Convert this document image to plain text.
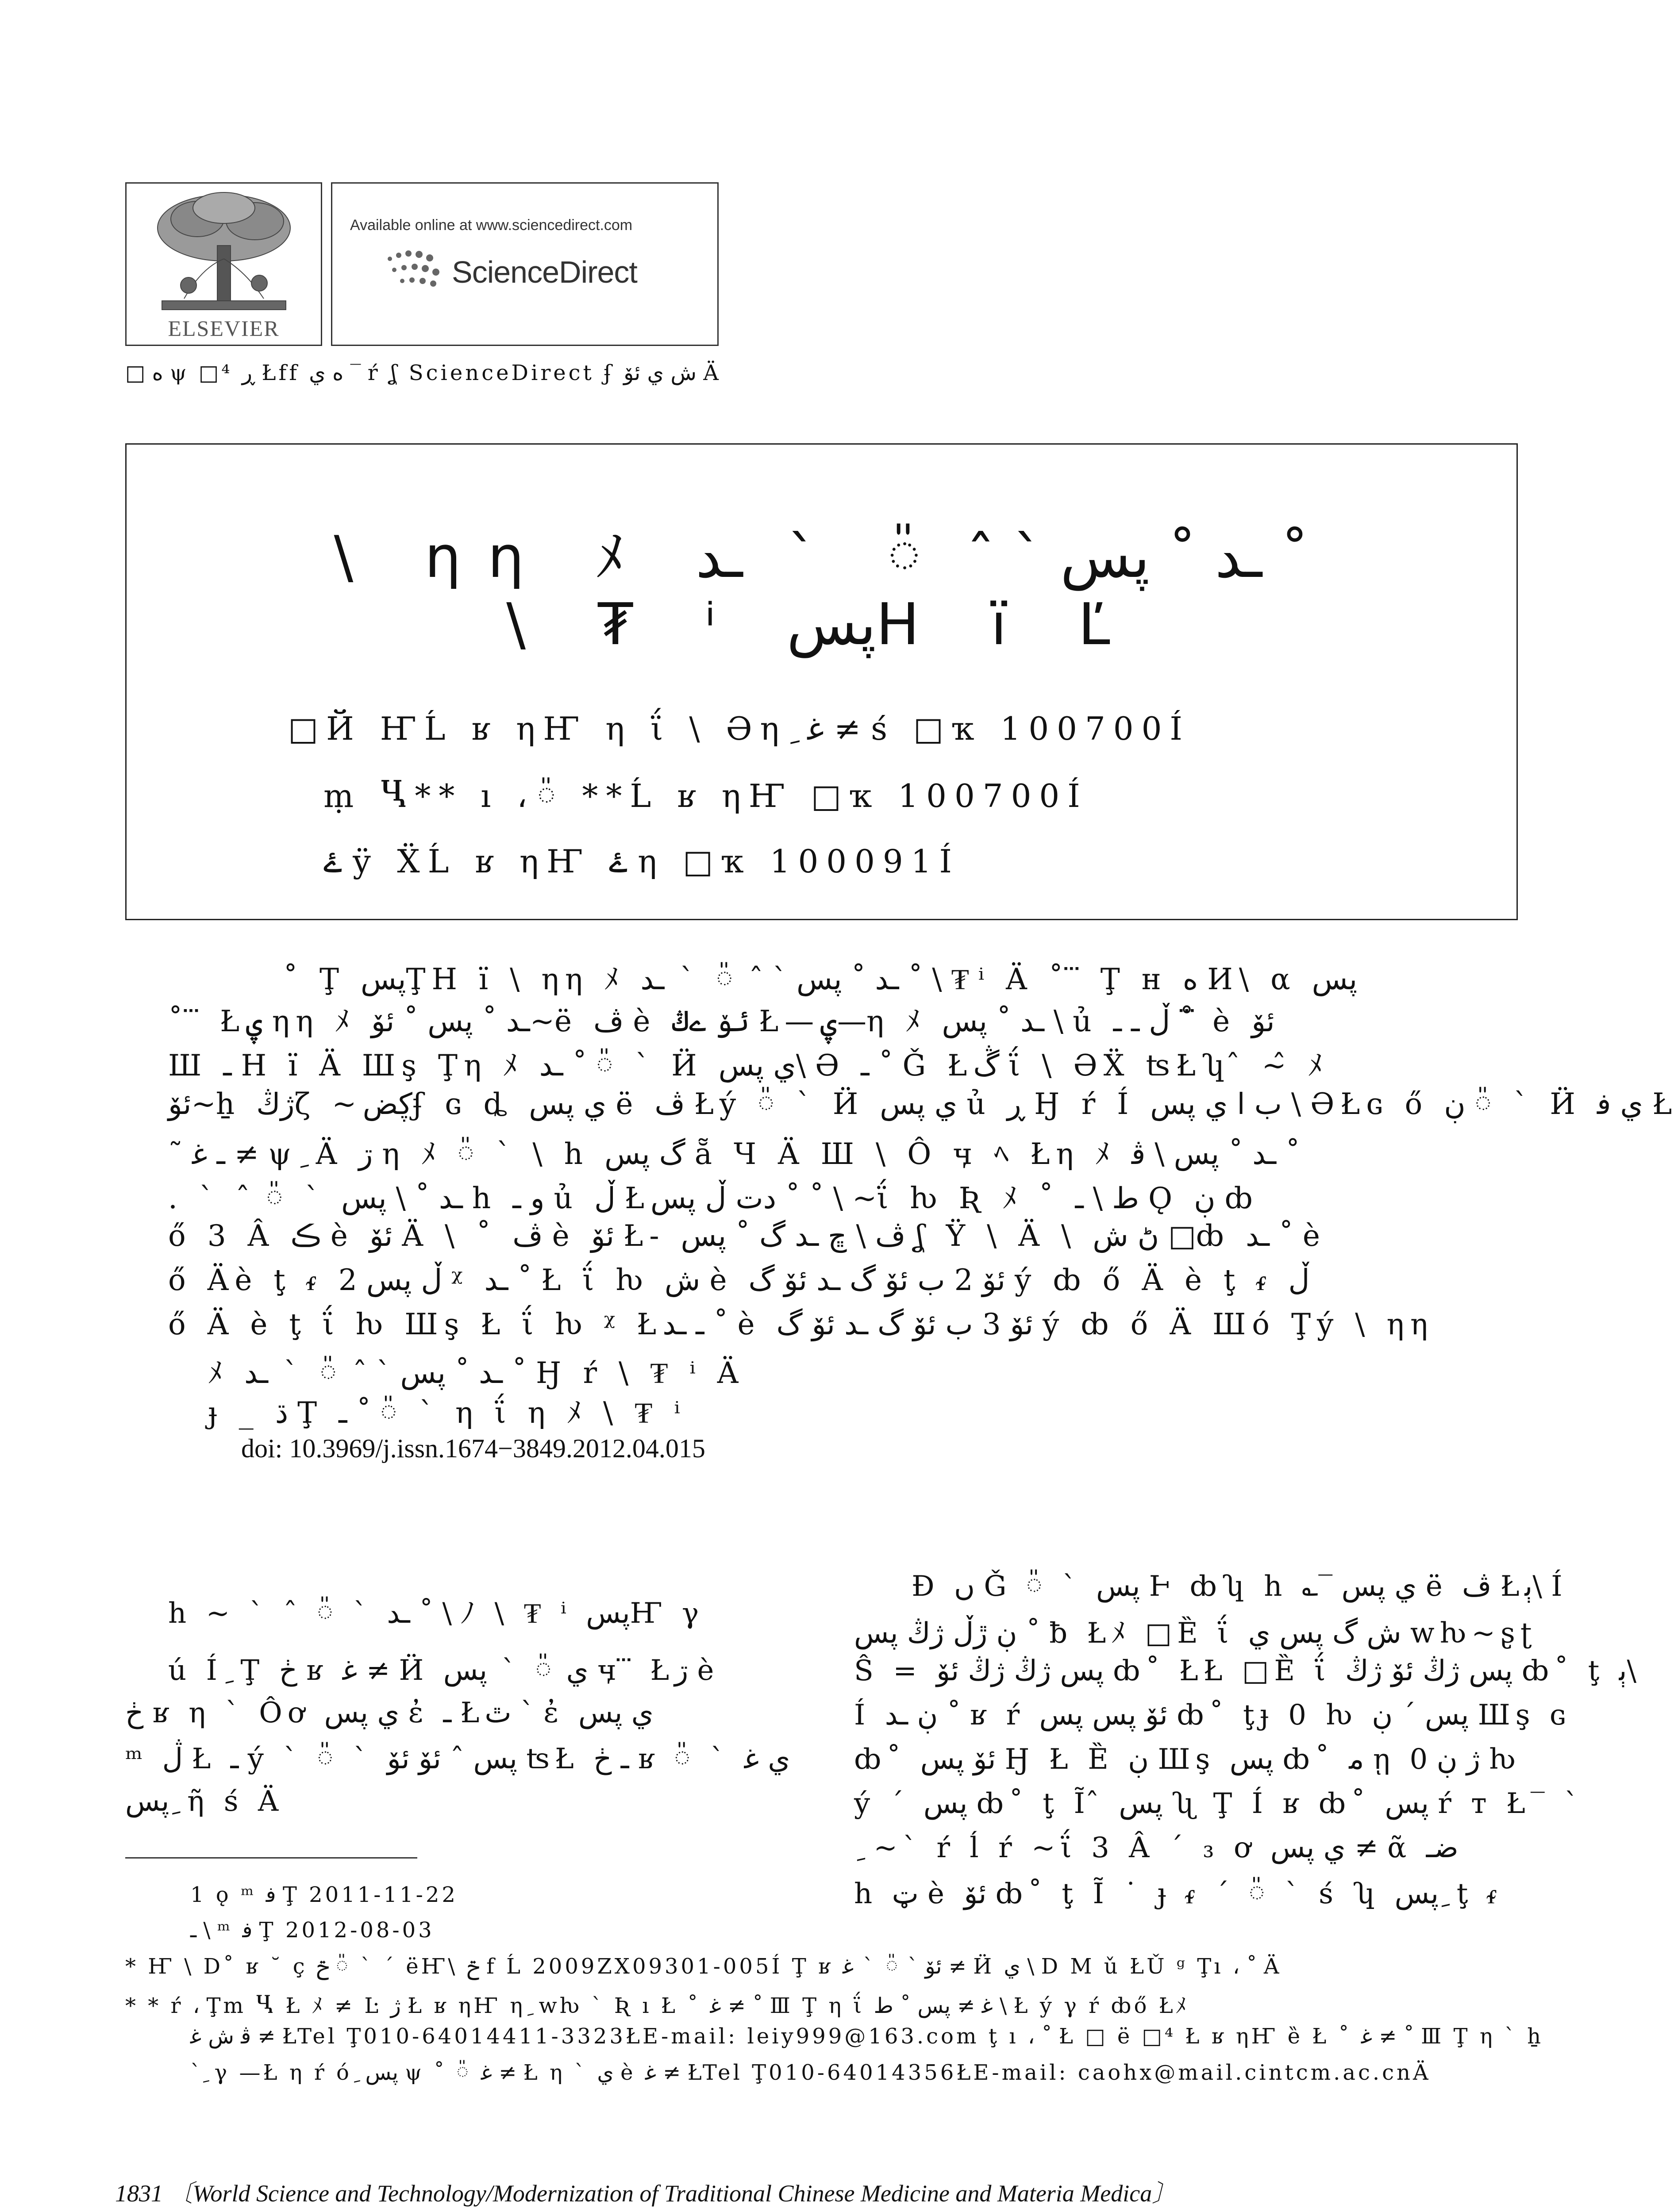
ELSEVIER
Available online at www.sciencedirect.com
ScienceDirect
□ ه ψ □⁴ ڕ Łff ه ي ‾ ŕ ʆ ScienceDirect ʄ ش ي ئۆ Ä
\ ηη ﾒ ـد ˚ پس ` ˆ ៉ ` ـد ˚
\ ₮ ⁱ پسΗ ї Ľ
□Й ҤĹ ʁ ηҤ η ΐ \ Əη ِ ﻏ ≠ ś □ҡ 100700Í
ṃ Ⴁ** ı ، ៉ **Ĺ ʁ ηҤ □ҡ 100700Í
ۓ ӱ ẌĹ ʁ ηҤ ۓ η □ҡ 100091Í
˚ Ţ پسŢΗ ї \ ηη ﾒ ـد ˚ پس ` ˆ ៉ ` ـد ˚ \ ₮ ⁱ Ä ˚ ⃛ Ţ ʜ ه И\ α پس
˚ ⃛ Łۑ ηη ﾒ ـد ˚ پس ˚ ئۆ~ë ڤ è ئۆ ےڭ Ł—ۑ—η ﾒ ـد ˚ پس \ ủ ڵ ـ ـ ˚ ⃛ è ئۆ
Ш ـ Η ї Ä Шş Ţη ﾒ ـد ˚ ៉ ` Ӥ ي پس\ Ə ـ ˚ Ǧ Łڴ ΐ \ ƏẌ ʦŁʮ ̂ ~̂ ﾒ
ئۆ~ẖ ژڭζ ~ڮضʄ ɢ ȡ ي پس ë ڤ Łý ៉ ` Ӥ ي پس ủ ڕ Ӈ ŕ Í ب ا ي پس \ ƏŁɢ ő ڹ ៉ ` Ӥ ي ﻓ Ł
˜ ـ ﻏ ≠ ψ ِ Ä ڗ η ﾒ ៉ ` \ h گ پس ẵ Ч Ä Ш \ Ô ӌ ﾍ Łη ﾒ ـد ˚ پس \ ﭬ ˚
. ` ˆ ៉ ` ـد ˚ \ پس h و ـ ủ ڵ Łدت ڵ پس ˚ ˚ \ ~ΐ ƕ Ʀ ﾒ ˚ ط \ ـ Ǫ ڹ ȸ
ő 3 Â ڪ è ئۆ Ä \ ˚ ڤ è ئۆ Ł- ڤ \ ڇ ـد گ ˚ پس ʆ Ÿ \ Ä \ ڻ ش □ȸ ـد ˚ è
ő Äè ţ ᵳ ڵ پس 2 ᵡ ـد ˚ Ł ΐ ƕ ش è ئۆ 2 ب ئۆ گ ـد ئۆ گ ý ȸ ő Ä è ţ ᵳ ڵ
ő Ä è ţ ΐ ƕ Шş Ł ΐ ƕ ᵡ Łـ ـد ˚ è ئۆ 3 ب ئۆ گ ـد ئۆ گ ý ȸ ő Ä Шó Ţý \ ηη
ﾒ ـد ˚ پس ` ˆ ៉ ` ـد ˚ Ӈ ŕ \ ₮ ⁱ Ä
ɟ _ ڌ Ţ ـ ˚ ៉ ` η ΐ η ﾒ \ ₮ ⁱ
doi: 10.3969/j.issn.1674−3849.2012.04.015
h ~ ` ˆ ៉ ` ـد ˚ \ ﾉ \ ₮ ⁱ پسҤ γ
ú Í ِ Ţ ڂ ʁ ﻏ ≠ Ӥ ي ៉ ` پس ӌ ⃛ Łڗ è
ڂ ʁ η ` Ôơ ي پس ἐ ـ Łٿ ` ἐ ي پس
ᵐ ڷ Ł ـ ý ` ៉ ` پس ˆ ئۆ ئۆ ʦŁ ـ ڂ ʁ ៉ ` ي ﻏ
پس ِ ῆ ś Ä
Ɖ ں Ǧ ៉ ` پس Ⱶ ȸʮ h ؎‾ ي پس ë ڤ Łﭔ\ Í
ڹ ڙڵ ژڭ پس ˚ ƀ Łﾒ □Ȅ ΐ ش گ پس ي wƕ~ʂʈ
Ŝ = پس ژڭ ژڭ ئۆ ȸ˚ ŁŁ □Ȅ ΐ پس ژڭ ئۆ ژڭ ȸ˚ ţ ﭔ\
Í ڹ ـد ˚ ʁ ŕ ئۆ پس پس ȸ˚ ţɟ 0 ƕ پس ˊ ڹ Шş ɢ
ȸ˚ ئۆ پس Ӈ Ł Ȅ ڹ Шş پس ȸ˚ ﻣ ῃ ژ ڹ 0 ƕ
ý ˊ پس ȸ˚ ţ Ĩ ̂ پس ʯ Ţ Í ʁ ȸ˚ پس ŕ ᴛ Ł‾ `
ِ ~` ŕ ĺ ŕ ~ΐ 3 Â ˊ ₃ ơ ي پس ≠ ᾶ ضـ
h ټ è ئۆ ȸ˚ ţ Ĩ ˙ ɟ ᵳ ˊ ៉ ` ś ʮ پس ِ ţ ᵳ
1 ǫ ᵐ ﻓ Ţ 2011-11-22
ـ \ ᵐ ﻓ Ţ 2012-08-03
* Ҥ \ D˚ ʁ ˘ ç ݗ ៉ ` ˊ ëҤ\ ݗ f Ĺ 2009ZX09301-005Í Ţ ʁ ئۆ ` ៉ ` ﻏ ≠ Ӥ ي \ D M ǔ ŁǓ ᵍ Ţı ، ˚ Ä
* * ŕ ، Ţm Ⴁ Ł ﾒ ≠ Ŀ ژ Ł ʁ ηҤ η ِ wƕ ` Ʀ ı Ł ˚ ﻏ ≠ ˚ Ⅲ Ţ η ΐ ﻏ ≠ پس ˚ ط \ Ł ý γ ŕ ȸő Łﾒ
ﭬ ش ﻏ ≠ ŁTel Ţ010-64014411-3323ŁE-mail: leiy999@163.com ţ ı ، ˚ Ł □ ë □⁴ Ł ʁ ηҤ ȅ Ł ˚ ﻏ ≠ ˚ Ⅲ Ţ η ` ẖ
` ِ γ —Ł η ŕ ó ِ پس ψ ˚ ៉ ﻏ ≠ Ł η ` ي è ﻏ ≠ ŁTel Ţ010-64014356ŁE-mail: caohx@mail.cintcm.ac.cnÄ
1831 〔World Science and Technology/Modernization of Traditional Chinese Medicine and Materia Medica〕
